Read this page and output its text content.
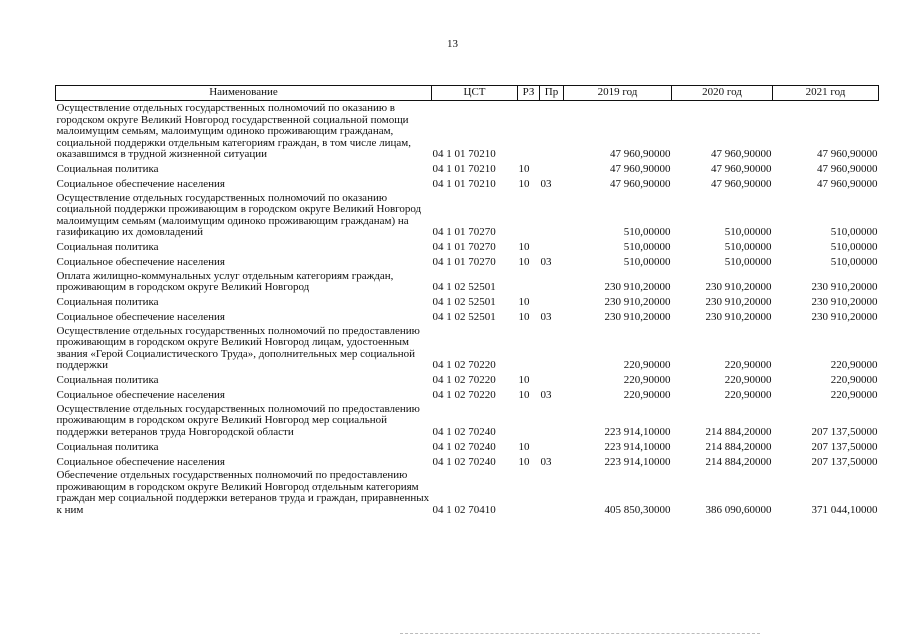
13
Наименование	ЦСТ	РЗ	Пр	2019 год	2020 год	2021 год
Осуществление отдельных государственных полномочий по оказанию в городском округе Великий Новгород государственной социальной помощи малоимущим семьям, малоимущим одиноко проживающим гражданам, социальной поддержки отдельным категориям граждан, в том числе лицам, оказавшимся в трудной жизненной ситуации	04 1 01 70210			47 960,90000	47 960,90000	47 960,90000
Социальная политика	04 1 01 70210	10		47 960,90000	47 960,90000	47 960,90000
Социальное обеспечение населения	04 1 01 70210	10	03	47 960,90000	47 960,90000	47 960,90000
Осуществление отдельных государственных полномочий по оказанию социальной поддержки проживающим в городском округе Великий Новгород малоимущим семьям (малоимущим одиноко проживающим гражданам) на газификацию их домовладений	04 1 01 70270			510,00000	510,00000	510,00000
Социальная политика	04 1 01 70270	10		510,00000	510,00000	510,00000
Социальное обеспечение населения	04 1 01 70270	10	03	510,00000	510,00000	510,00000
Оплата жилищно-коммунальных услуг отдельным категориям граждан, проживающим в городском округе Великий Новгород	04 1 02 52501			230 910,20000	230 910,20000	230 910,20000
Социальная политика	04 1 02 52501	10		230 910,20000	230 910,20000	230 910,20000
Социальное обеспечение населения	04 1 02 52501	10	03	230 910,20000	230 910,20000	230 910,20000
Осуществление отдельных государственных полномочий по предоставлению проживающим в городском округе Великий Новгород лицам, удостоенным звания «Герой Социалистического Труда», дополнительных мер социальной поддержки	04 1 02 70220			220,90000	220,90000	220,90000
Социальная политика	04 1 02 70220	10		220,90000	220,90000	220,90000
Социальное обеспечение населения	04 1 02 70220	10	03	220,90000	220,90000	220,90000
Осуществление отдельных государственных полномочий по предоставлению проживающим в городском округе Великий Новгород мер социальной поддержки ветеранов труда Новгородской области	04 1 02 70240			223 914,10000	214 884,20000	207 137,50000
Социальная политика	04 1 02 70240	10		223 914,10000	214 884,20000	207 137,50000
Социальное обеспечение населения	04 1 02 70240	10	03	223 914,10000	214 884,20000	207 137,50000
Обеспечение отдельных государственных полномочий по предоставлению проживающим в городском округе Великий Новгород отдельным категориям граждан мер социальной поддержки ветеранов труда и граждан, приравненных к ним	04 1 02 70410			405 850,30000	386 090,60000	371 044,10000
